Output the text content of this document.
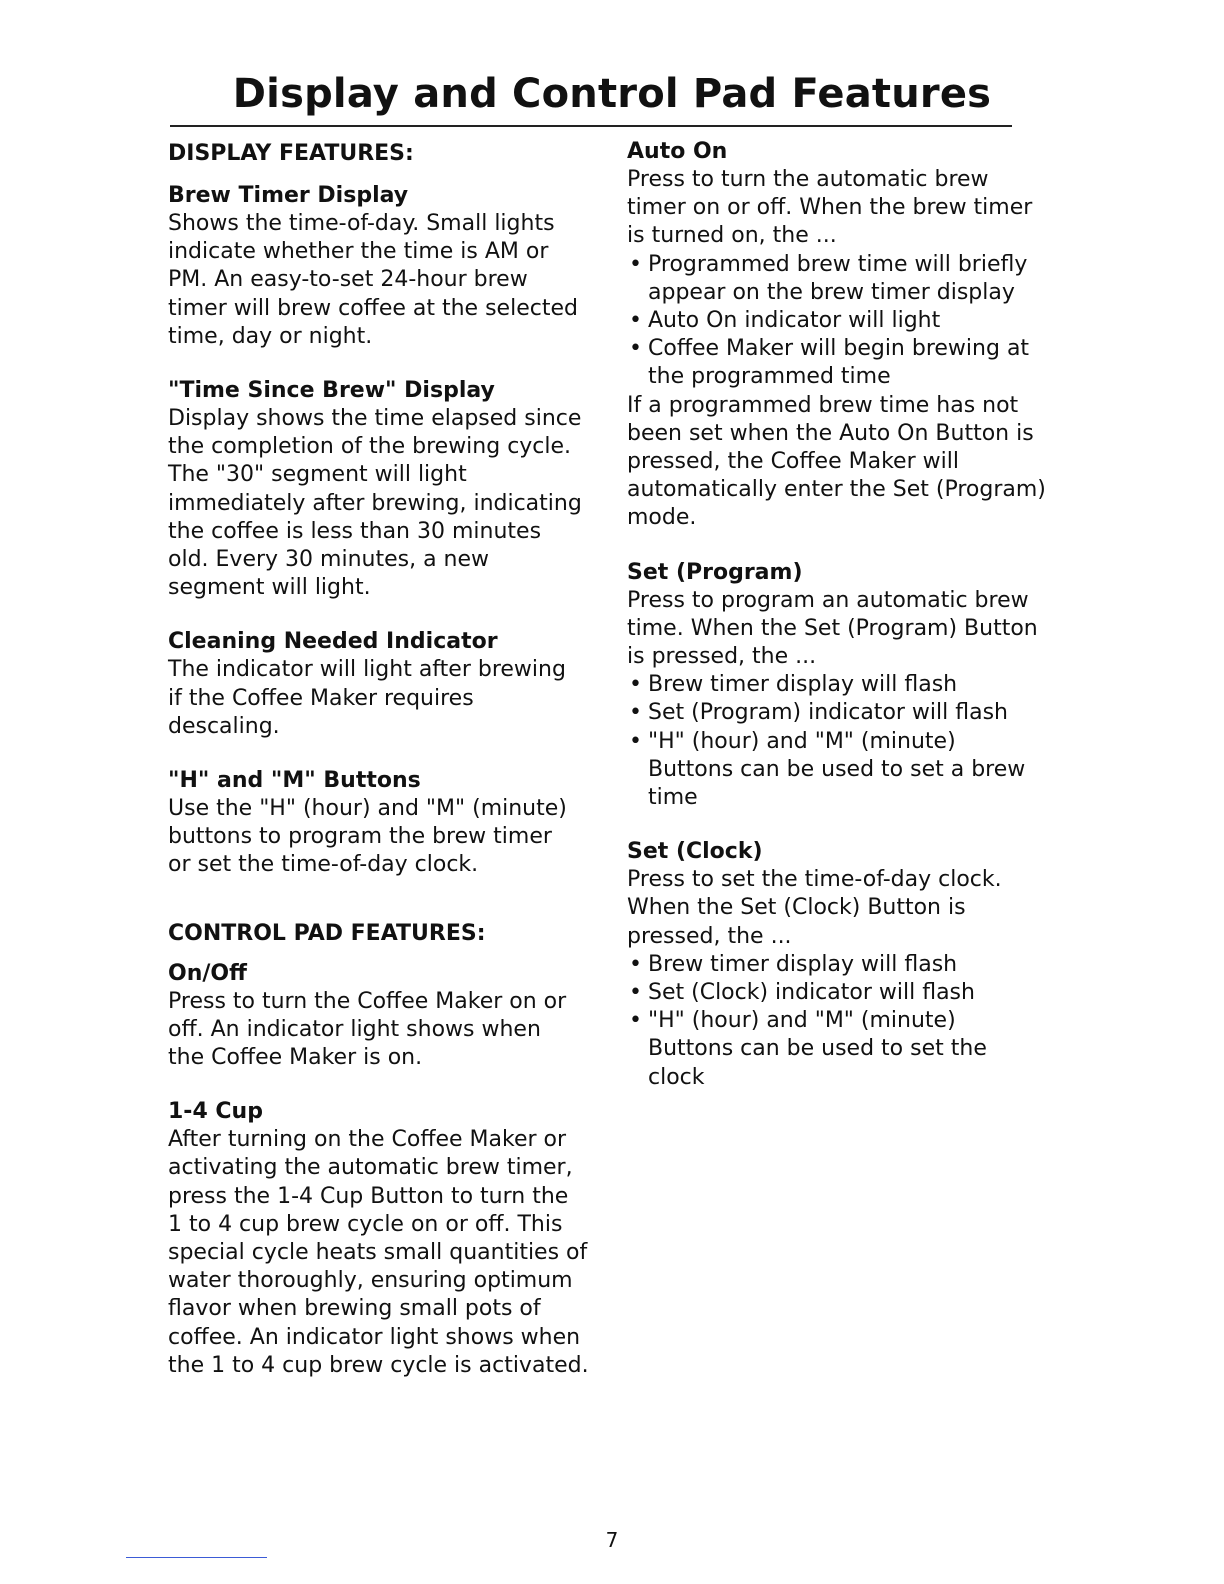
Display and Control Pad Features

DISPLAY FEATURES:

Brew Timer Display

Shows the time-of-day. Small lights
indicate whether the time is AM or
PM. An easy-to-set 24-hour brew
timer will brew coffee at the selected
time, day or night.

"Time Since Brew" Display

Display shows the time elapsed since
the completion of the brewing cycle.
The "30" segment will light
immediately after brewing, indicating
the coffee is less than 30 minutes
old. Every 30 minutes, a new
segment will light.

Cleaning Needed Indicator

The indicator will light after brewing
if the Coffee Maker requires
descaling.

"H" and "M" Buttons

Use the "H" (hour) and "M" (minute)
buttons to program the brew timer
or set the time-of-day clock.

CONTROL PAD FEATURES:

On/Off

Press to turn the Coffee Maker on or
off. An indicator light shows when
the Coffee Maker is on.

1-4 Cup

After turning on the Coffee Maker or
activating the automatic brew timer,
press the 1-4 Cup Button to turn the
1 to 4 cup brew cycle on or off. This
special cycle heats small quantities of
water thoroughly, ensuring optimum
flavor when brewing small pots of
coffee. An indicator light shows when
the 1 to 4 cup brew cycle is activated.

Auto On

Press to turn the automatic brew
timer on or off. When the brew timer
is turned on, the ...

• Programmed brew time will briefly
appear on the brew timer display
• Auto On indicator will light
• Coffee Maker will begin brewing at
the programmed time

If a programmed brew time has not
been set when the Auto On Button is
pressed, the Coffee Maker will
automatically enter the Set (Program)
mode.

Set (Program)

Press to program an automatic brew
time. When the Set (Program) Button
is pressed, the ...

• Brew timer display will flash
• Set (Program) indicator will flash
• "H" (hour) and "M" (minute)
Buttons can be used to set a brew
time

Set (Clock)

Press to set the time-of-day clock.
When the Set (Clock) Button is
pressed, the ...

• Brew timer display will flash
• Set (Clock) indicator will flash
• "H" (hour) and "M" (minute)
Buttons can be used to set the
clock
7
